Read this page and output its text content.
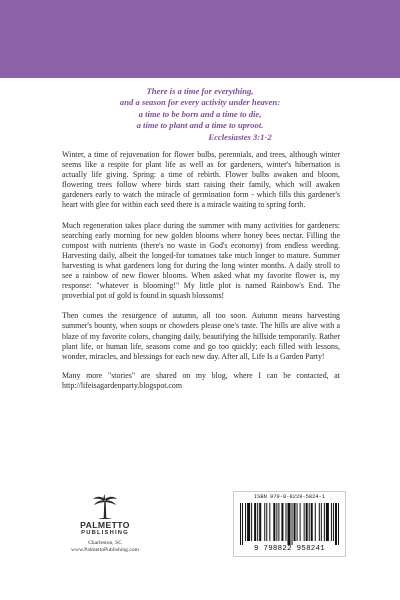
There is a time for everything,
and a season for every activity under heaven:
a time to be born and a time to die,
a time to plant and a time to uproot.
Ecclesiastes 3:1-2

Winter, a time of rejuvenation for flower bulbs, perennials, and trees, although winter seems like a respite for plant life as well as for gardeners, winter's hibernation is actually life giving. Spring: a time of rebirth. Flower bulbs awaken and bloom, flowering trees follow where birds start raising their family, which will awaken gardeners early to watch the miracle of germination form - which fills this gardener's heart with glee for within each seed there is a miracle waiting to spring forth.

Much regeneration takes place during the summer with many activities for gardeners: searching early morning for new golden blooms where honey bees nectar. Filling the compost with nutrients (there's no waste in God's economy) from endless weeding. Harvesting daily, albeit the longed-for tomatoes take much longer to mature. Summer harvesting is what gardeners long for during the long winter months. A daily stroll to see a rainbow of new flower blooms. When asked what my favorite flower is, my response: "whatever is blooming!" My little plot is named Rainbow's End. The proverbial pot of gold is found in squash blossoms!

Then comes the resurgence of autumn, all too soon. Autumn means harvesting summer's bounty, when soups or chowders please one's taste. The hills are alive with a blaze of my favorite colors, changing daily, beautifying the hillside temporarily. Rather plant life, or human life, seasons come and go too quickly; each filled with lessons, wonder, miracles, and blessings for each new day. After all, Life Is a Garden Party!

Many more "stories" are shared on my blog, where I can be contacted, at http://lifeisagardenparty.blogspot.com

PALMETTO
PUBLISHING
Charleston, SC
www.PalmettoPublishing.com
ISBN 979-8-8229-5824-1
9 798822 958241
